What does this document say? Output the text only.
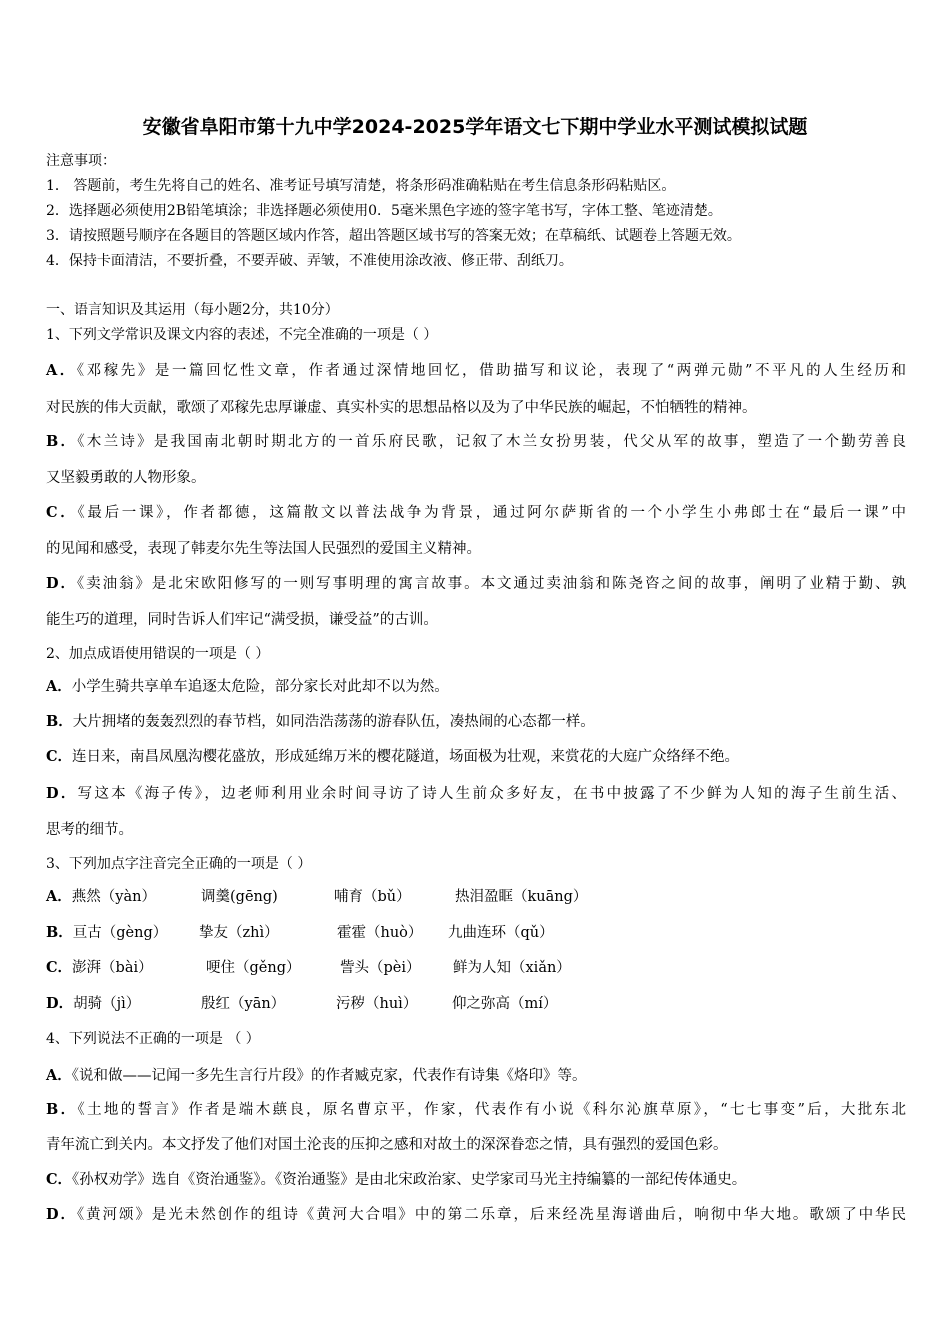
安徽省阜阳市第十九中学2024-2025学年语文七下期中学业水平测试模拟试题
注意事项：
1． 答题前，考生先将自己的姓名、准考证号填写清楚，将条形码准确粘贴在考生信息条形码粘贴区。
2．选择题必须使用2B铅笔填涂；非选择题必须使用0．5毫米黑色字迹的签字笔书写，字体工整、笔迹清楚。
3．请按照题号顺序在各题目的答题区域内作答，超出答题区域书写的答案无效；在草稿纸、试题卷上答题无效。
4．保持卡面清洁，不要折叠，不要弄破、弄皱，不准使用涂改液、修正带、刮纸刀。
一、语言知识及其运用（每小题2分，共10分）
1、下列文学常识及课文内容的表述，不完全准确的一项是（ ）
A．《邓稼先》是一篇回忆性文章，作者通过深情地回忆，借助描写和议论，表现了“两弹元勋”不平凡的人生经历和
对民族的伟大贡献，歌颂了邓稼先忠厚谦虚、真实朴实的思想品格以及为了中华民族的崛起，不怕牺牲的精神。
B．《木兰诗》是我国南北朝时期北方的一首乐府民歌，记叙了木兰女扮男装，代父从军的故事，塑造了一个勤劳善良
又坚毅勇敢的人物形象。
C．《最后一课》，作者都德，这篇散文以普法战争为背景，通过阿尔萨斯省的一个小学生小弗郎士在“最后一课”中
的见闻和感受，表现了韩麦尔先生等法国人民强烈的爱国主义精神。
D．《卖油翁》是北宋欧阳修写的一则写事明理的寓言故事。本文通过卖油翁和陈尧咨之间的故事，阐明了业精于勤、孰
能生巧的道理，同时告诉人们牢记“满受损，谦受益”的古训。
2、加点成语使用错误的一项是（ ）
A．小学生骑共享单车追逐太危险，部分家长对此却不以为然。
B．大片拥堵的轰轰烈烈的春节档，如同浩浩荡荡的游春队伍，凑热闹的心态都一样。
C．连日来，南昌凤凰沟樱花盛放，形成延绵万米的樱花隧道，场面极为壮观，来赏花的大庭广众络绎不绝。
D．写这本《海子传》，边老师利用业余时间寻访了诗人生前众多好友，在书中披露了不少鲜为人知的海子生前生活、
思考的细节。
3、下列加点字注音完全正确的一项是（ ）
A．燕然（yàn）	调羹(gēng)	哺育（bǔ）	热泪盈眶（kuāng）
B．亘古（gèng） 挚友（zhì）	霍霍（huò） 九曲连环（qǔ）
C．澎湃（bài）	哽住（gěng）	訾头（pèi） 鲜为人知（xiǎn）
D．胡骑（jì）	殷红（yān）	污秽（huì） 仰之弥高（mí）
4、下列说法不正确的一项是 （ ）
A．《说和做——记闻一多先生言行片段》的作者臧克家，代表作有诗集《烙印》等。
B．《土地的誓言》作者是端木蕻良，原名曹京平，作家，代表作有小说《科尔沁旗草原》，“七七事变”后，大批东北
青年流亡到关内。本文抒发了他们对国土沦丧的压抑之感和对故土的深深眷恋之情，具有强烈的爱国色彩。
C．《孙权劝学》选自《资治通鉴》。《资治通鉴》是由北宋政治家、史学家司马光主持编纂的一部纪传体通史。
D．《黄河颂》是光未然创作的组诗《黄河大合唱》中的第二乐章，后来经冼星海谱曲后，响彻中华大地。歌颂了中华民
